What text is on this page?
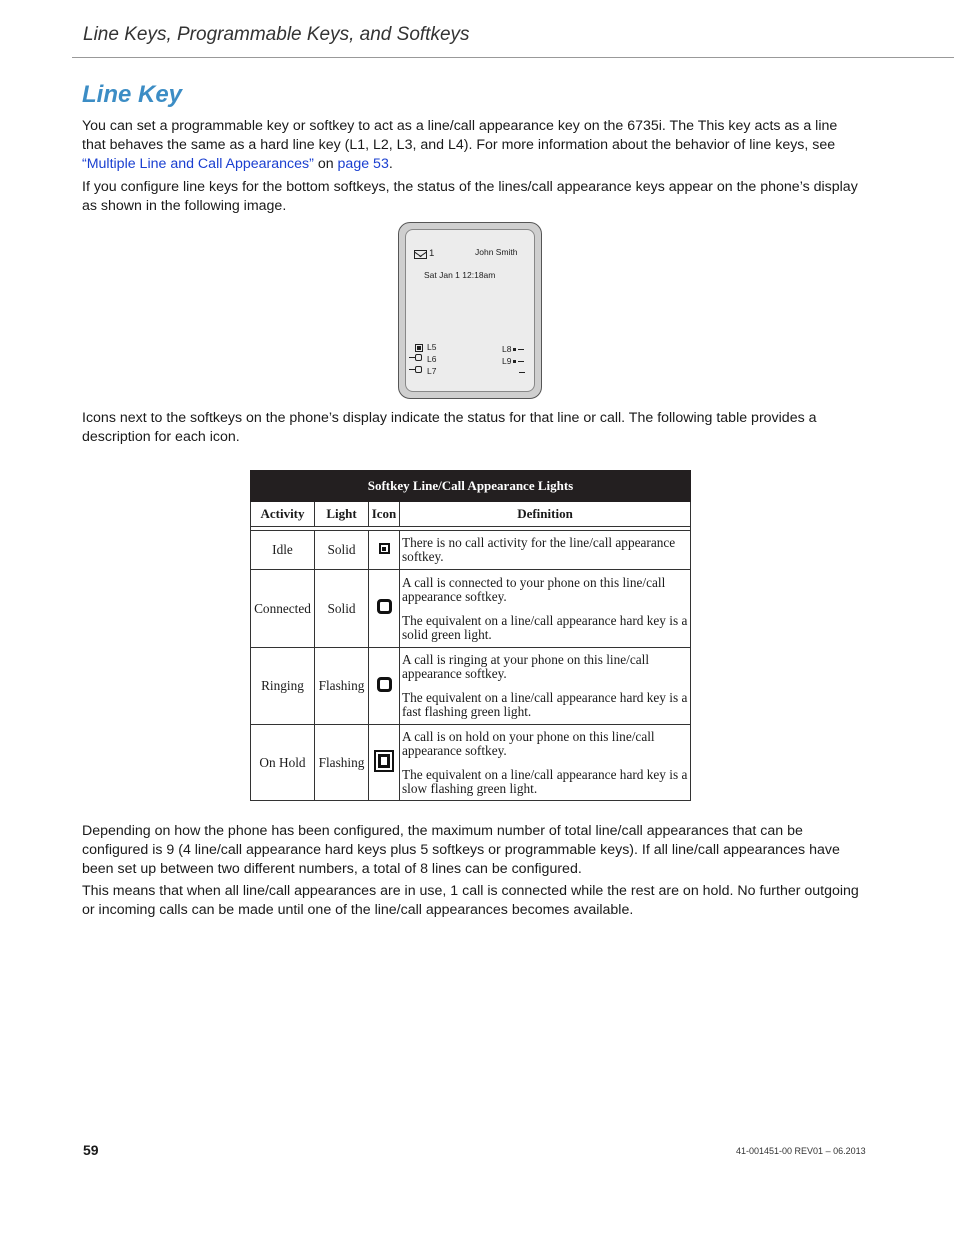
Line Keys, Programmable Keys, and Softkeys
Line Key

You can set a programmable key or softkey to act as a line/call appearance key on the 6735i. The This key acts as a line that behaves the same as a hard line key (L1, L2, L3, and L4). For more information about the behavior of line keys, see “Multiple Line and Call Appearances” on page 53.

If you configure line keys for the bottom softkeys, the status of the lines/call appearance keys appear on the phone’s display as shown in the following image.

1	John Smith
Sat Jan 1 12:18am
L5
L6
L7
L8
L9

Icons next to the softkeys on the phone’s display indicate the status for that line or call. The following table provides a description for each icon.

Softkey Line/Call Appearance Lights			
Activity	Light	Icon	Definition

Idle	Solid		There is no call activity for the line/call appearance softkey.

Connected	Solid		A call is connected to your phone on this line/call appearance softkey.

The equivalent on a line/call appearance hard key is a solid green light.

Ringing	Flashing		A call is ringing at your phone on this line/call appearance softkey.

The equivalent on a line/call appearance hard key is a fast flashing green light.

On Hold	Flashing		A call is on hold on your phone on this line/call appearance softkey.

The equivalent on a line/call appearance hard key is a slow flashing green light.

Depending on how the phone has been configured, the maximum number of total line/call appearances that can be configured is 9 (4 line/call appearance hard keys plus 5 softkeys or programmable keys). If all line/call appearances have been set up between two different numbers, a total of 8 lines can be configured.

This means that when all line/call appearances are in use, 1 call is connected while the rest are on hold. No further outgoing or incoming calls can be made until one of the line/call appearances becomes available.

59	41-001451-00 REV01 – 06.2013
